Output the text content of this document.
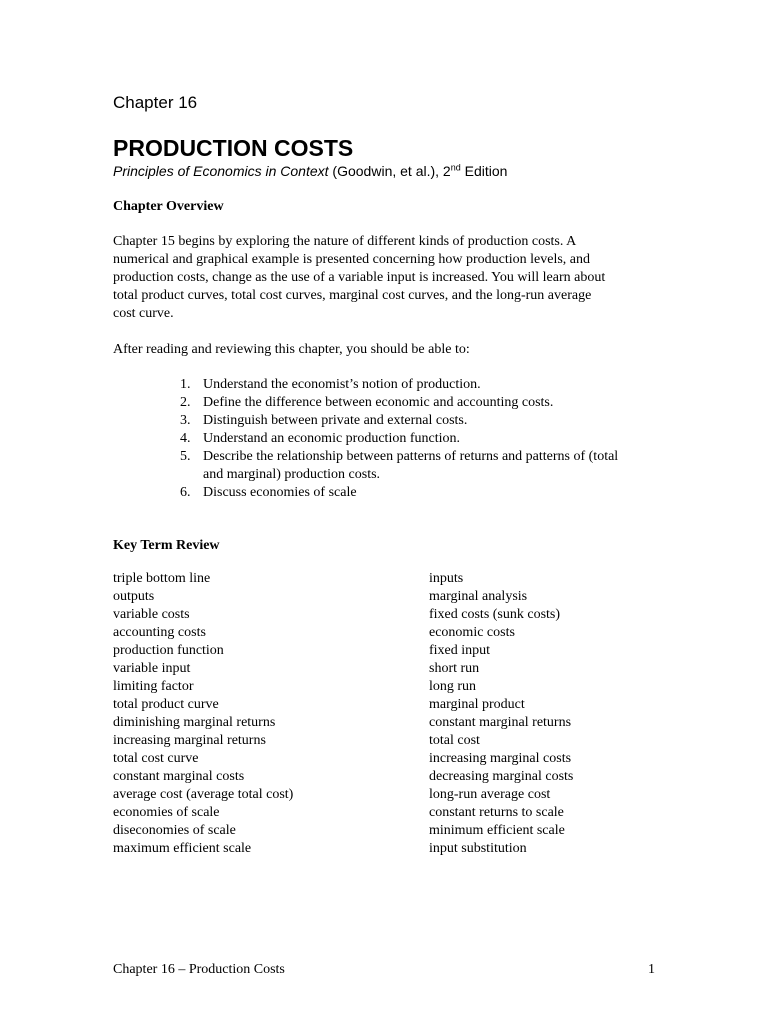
Chapter 16
PRODUCTION COSTS
Principles of Economics in Context (Goodwin, et al.), 2nd Edition
Chapter Overview
Chapter 15 begins by exploring the nature of different kinds of production costs. A
numerical and graphical example is presented concerning how production levels, and
production costs, change as the use of a variable input is increased. You will learn about
total product curves, total cost curves, marginal cost curves, and the long-run average
cost curve.

After reading and reviewing this chapter, you should be able to:

1. Understand the economist’s notion of production.
2. Define the difference between economic and accounting costs.
3. Distinguish between private and external costs.
4. Understand an economic production function.
5. Describe the relationship between patterns of returns and patterns of (total
and marginal) production costs.
6. Discuss economies of scale
Key Term Review
triple bottom line
outputs
variable costs
accounting costs
production function
variable input
limiting factor
total product curve
diminishing marginal returns
increasing marginal returns
total cost curve
constant marginal costs
average cost (average total cost)
economies of scale
diseconomies of scale
maximum efficient scale
inputs
marginal analysis
fixed costs (sunk costs)
economic costs
fixed input
short run
long run
marginal product
constant marginal returns
total cost
increasing marginal costs
decreasing marginal costs
long-run average cost
constant returns to scale
minimum efficient scale
input substitution
Chapter 16 – Production Costs	1
